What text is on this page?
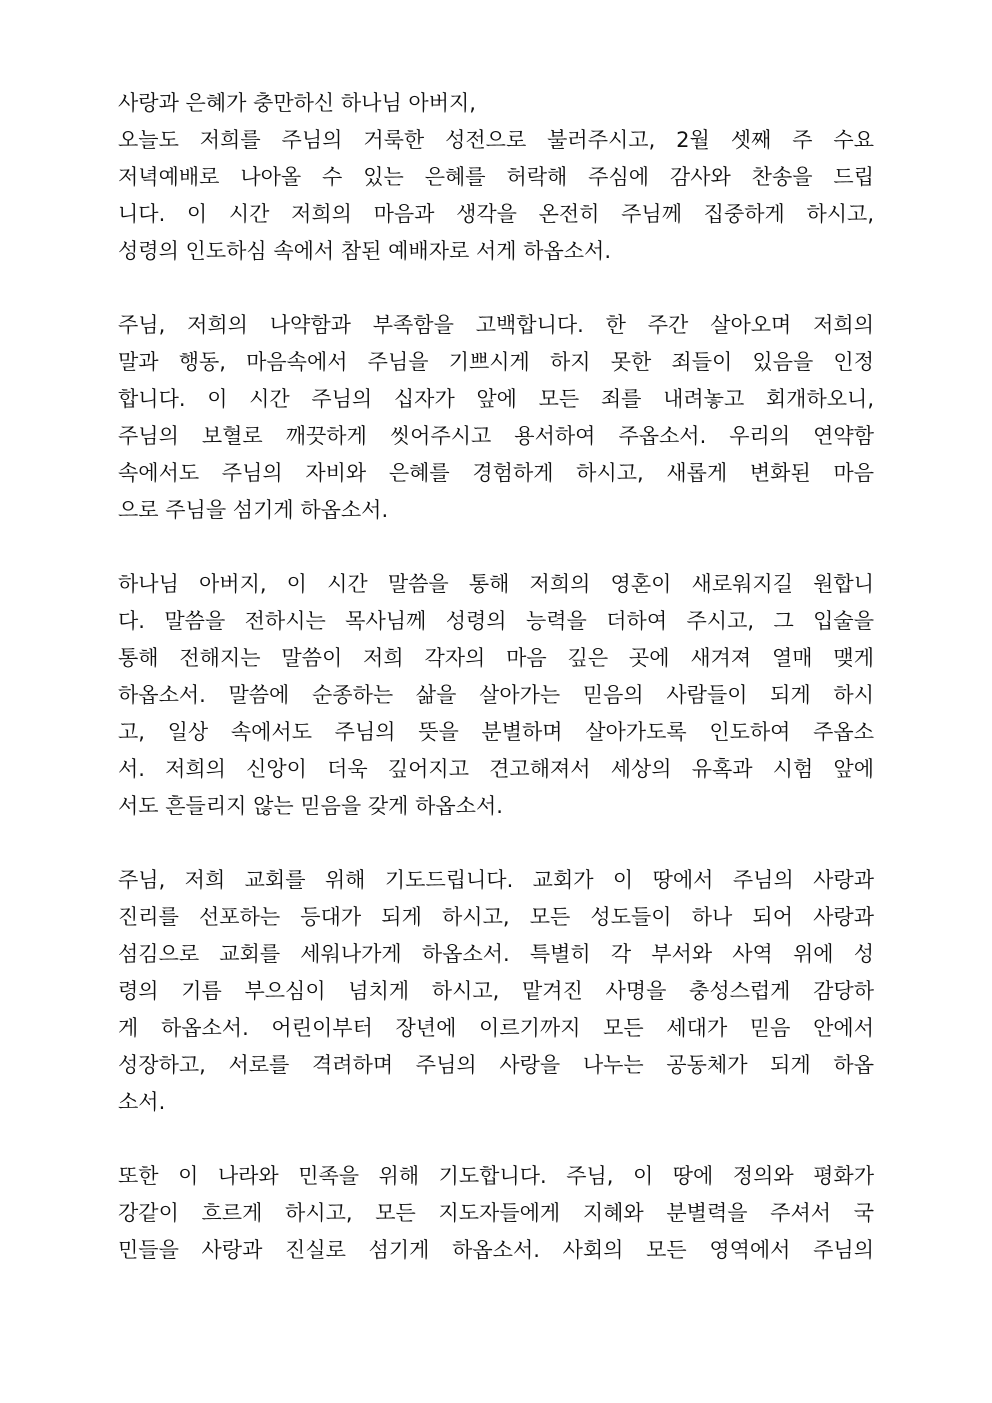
사랑과 은혜가 충만하신 하나님 아버지,
오늘도 저희를 주님의 거룩한 성전으로 불러주시고, 2월 셋째 주 수요
저녁예배로 나아올 수 있는 은혜를 허락해 주심에 감사와 찬송을 드립
니다. 이 시간 저희의 마음과 생각을 온전히 주님께 집중하게 하시고,
성령의 인도하심 속에서 참된 예배자로 서게 하옵소서.

주님, 저희의 나약함과 부족함을 고백합니다. 한 주간 살아오며 저희의
말과 행동, 마음속에서 주님을 기쁘시게 하지 못한 죄들이 있음을 인정
합니다. 이 시간 주님의 십자가 앞에 모든 죄를 내려놓고 회개하오니,
주님의 보혈로 깨끗하게 씻어주시고 용서하여 주옵소서. 우리의 연약함
속에서도 주님의 자비와 은혜를 경험하게 하시고, 새롭게 변화된 마음
으로 주님을 섬기게 하옵소서.

하나님 아버지, 이 시간 말씀을 통해 저희의 영혼이 새로워지길 원합니
다. 말씀을 전하시는 목사님께 성령의 능력을 더하여 주시고, 그 입술을
통해 전해지는 말씀이 저희 각자의 마음 깊은 곳에 새겨져 열매 맺게
하옵소서. 말씀에 순종하는 삶을 살아가는 믿음의 사람들이 되게 하시
고, 일상 속에서도 주님의 뜻을 분별하며 살아가도록 인도하여 주옵소
서. 저희의 신앙이 더욱 깊어지고 견고해져서 세상의 유혹과 시험 앞에
서도 흔들리지 않는 믿음을 갖게 하옵소서.

주님, 저희 교회를 위해 기도드립니다. 교회가 이 땅에서 주님의 사랑과
진리를 선포하는 등대가 되게 하시고, 모든 성도들이 하나 되어 사랑과
섬김으로 교회를 세워나가게 하옵소서. 특별히 각 부서와 사역 위에 성
령의 기름 부으심이 넘치게 하시고, 맡겨진 사명을 충성스럽게 감당하
게 하옵소서. 어린이부터 장년에 이르기까지 모든 세대가 믿음 안에서
성장하고, 서로를 격려하며 주님의 사랑을 나누는 공동체가 되게 하옵
소서.

또한 이 나라와 민족을 위해 기도합니다. 주님, 이 땅에 정의와 평화가
강같이 흐르게 하시고, 모든 지도자들에게 지혜와 분별력을 주셔서 국
민들을 사랑과 진실로 섬기게 하옵소서. 사회의 모든 영역에서 주님의
